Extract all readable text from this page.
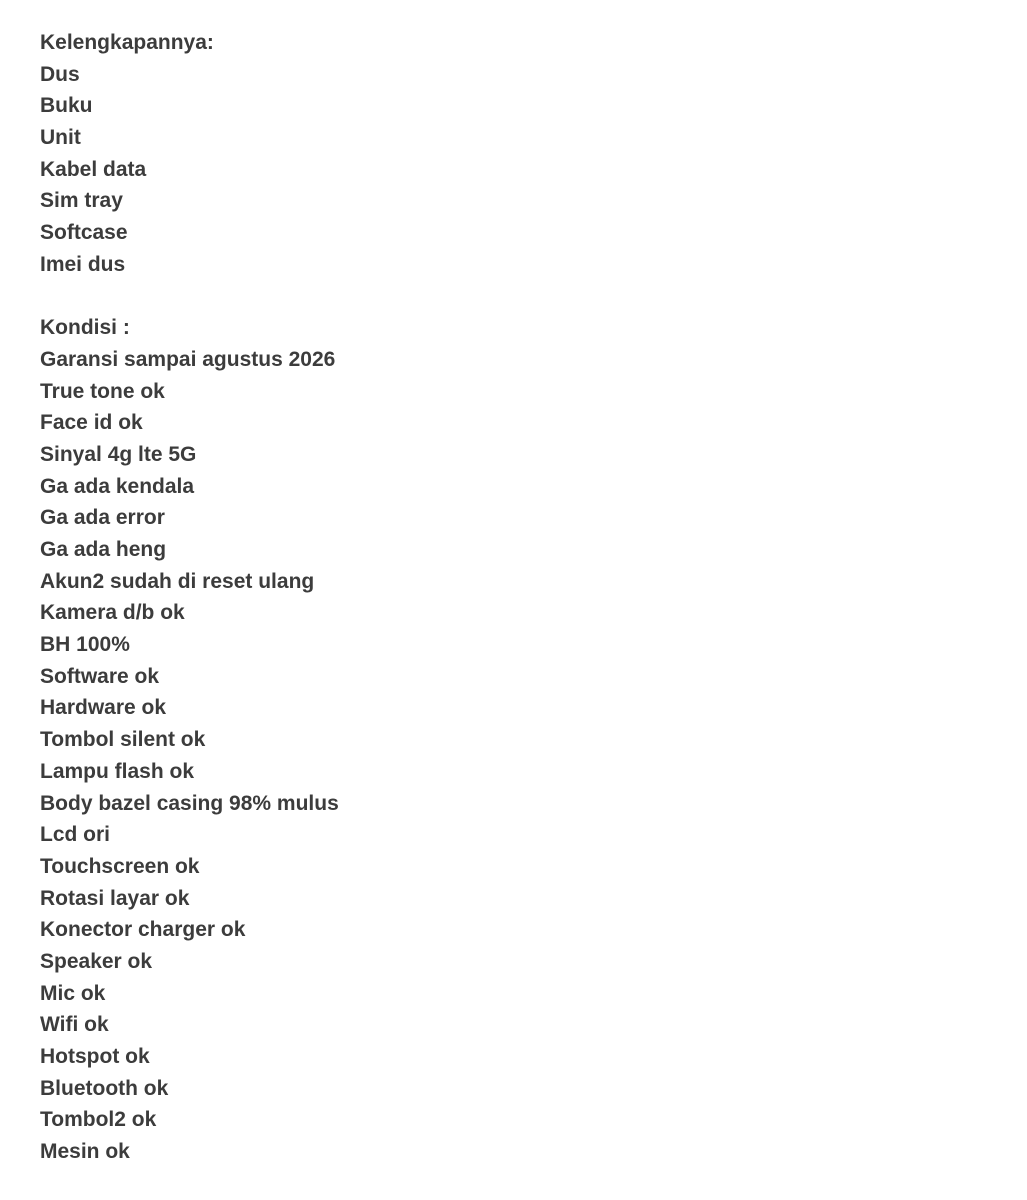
Kelengkapannya:
Dus
Buku
Unit
Kabel data
Sim tray
Softcase
Imei dus
Kondisi :
Garansi sampai agustus 2026
True tone ok
Face id ok
Sinyal 4g lte 5G
Ga ada kendala
Ga ada error
Ga ada heng
Akun2 sudah di reset ulang
Kamera d/b ok
BH 100%
Software ok
Hardware ok
Tombol silent ok
Lampu flash ok
Body bazel casing 98% mulus
Lcd ori
Touchscreen ok
Rotasi layar ok
Konector charger ok
Speaker ok
Mic ok
Wifi ok
Hotspot ok
Bluetooth ok
Tombol2 ok
Mesin ok
